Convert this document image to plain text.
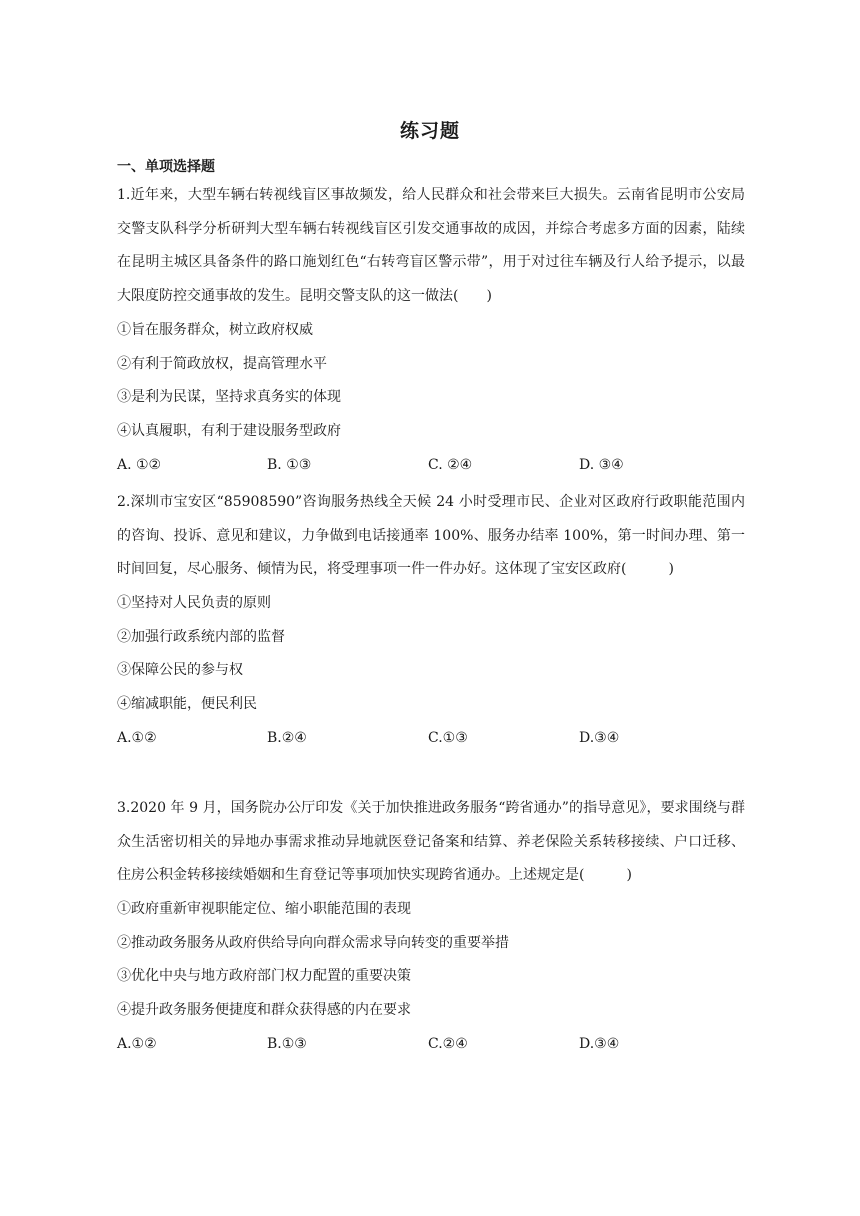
练习题
一、单项选择题
1.近年来，大型车辆右转视线盲区事故频发，给人民群众和社会带来巨大损失。云南省昆明市公安局交警支队科学分析研判大型车辆右转视线盲区引发交通事故的成因，并综合考虑多方面的因素，陆续在昆明主城区具备条件的路口施划红色“右转弯盲区警示带”，用于对过往车辆及行人给予提示，以最大限度防控交通事故的发生。昆明交警支队的这一做法(　　)
①旨在服务群众，树立政府权威
②有利于简政放权，提高管理水平
③是利为民谋，坚持求真务实的体现
④认真履职，有利于建设服务型政府
A. ①②	B. ①③	C. ②④	D. ③④
2.深圳市宝安区“85908590”咨询服务热线全天候 24 小时受理市民、企业对区政府行政职能范围内的咨询、投诉、意见和建议，力争做到电话接通率 100%、服务办结率 100%，第一时间办理、第一时间回复，尽心服务、倾情为民，将受理事项一件一件办好。这体现了宝安区政府(　　　)
①坚持对人民负责的原则
②加强行政系统内部的监督
③保障公民的参与权
④缩减职能，便民利民
A.①②	B.②④	C.①③	D.③④
3.2020 年 9 月，国务院办公厅印发《关于加快推进政务服务“跨省通办”的指导意见》，要求围绕与群众生活密切相关的异地办事需求推动异地就医登记备案和结算、养老保险关系转移接续、户口迁移、住房公积金转移接续婚姻和生育登记等事项加快实现跨省通办。上述规定是(　　　)
①政府重新审视职能定位、缩小职能范围的表现
②推动政务服务从政府供给导向向群众需求导向转变的重要举措
③优化中央与地方政府部门权力配置的重要决策
④提升政务服务便捷度和群众获得感的内在要求
A.①②	B.①③	C.②④	D.③④
